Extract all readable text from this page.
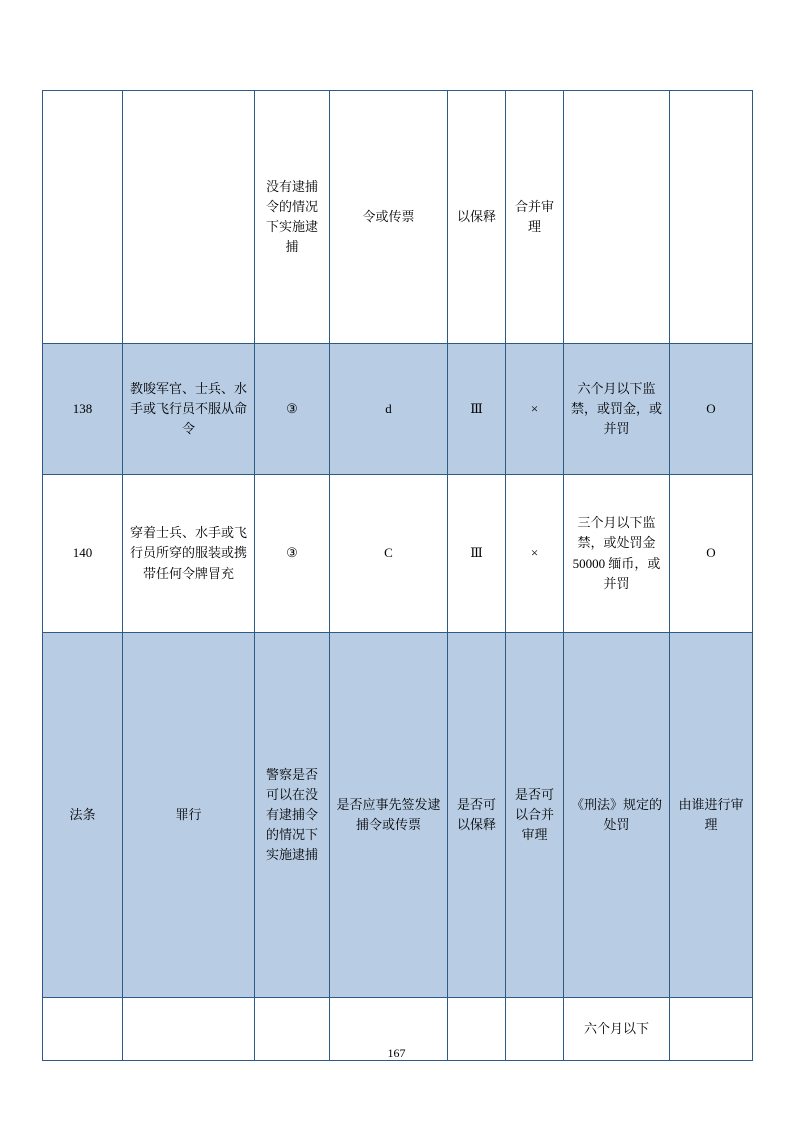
		没有逮捕令的情况下实施逮捕	令或传票	以保释	合并审理		
138	教唆军官、士兵、水手或飞行员不服从命令	③	d	Ⅲ	×	六个月以下监禁，或罚金，或并罚	O
140	穿着士兵、水手或飞行员所穿的服装或携带任何令牌冒充	③	C	Ⅲ	×	三个月以下监禁，或处罚金 50000 缅币，或并罚	O
法条	罪行	警察是否可以在没有逮捕令的情况下实施逮捕	是否应事先签发逮捕令或传票	是否可以保释	是否可以合并审理	《刑法》规定的处罚	由谁进行审理
						六个月以下	
167
